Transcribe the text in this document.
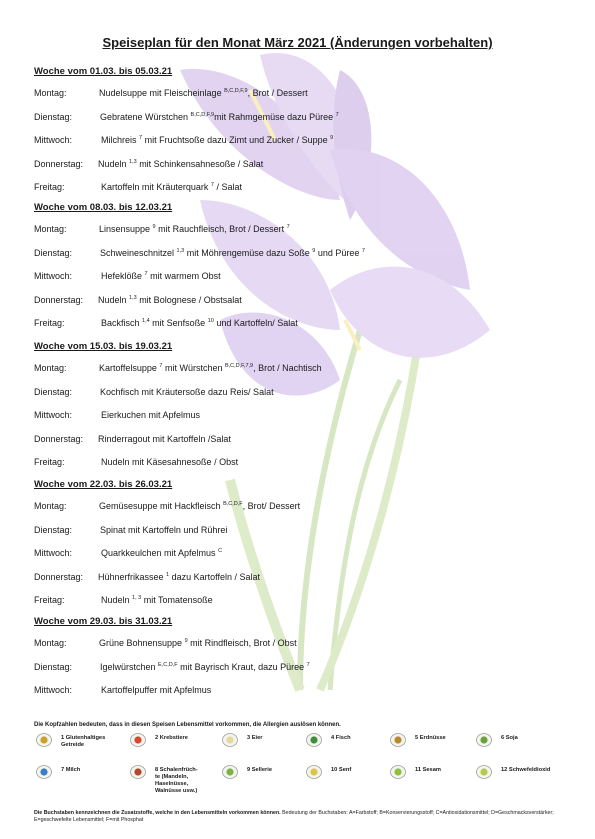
Speiseplan für den Monat März 2021 (Änderungen vorbehalten)
Woche vom 01.03. bis 05.03.21
Montag:	Nudelsuppe mit Fleischeinlage $^{B,C,D,F,9}$, Brot / Dessert
Dienstag:	Gebratene Würstchen $^{B,C,D,F,9}$mit Rahmgemüse dazu Püree $^7$
Mittwoch:	Milchreis $^7$ mit Fruchtsoße dazu Zimt und Zucker / Suppe $^9$
Donnerstag: Nudeln $^{1,3}$ mit Schinkensahnesoße / Salat
Freitag:	Kartoffeln mit Kräuterquark $^7$ / Salat
Woche vom 08.03. bis 12.03.21
Montag:	Linsensuppe $^9$ mit Rauchfleisch, Brot / Dessert $^7$
Dienstag:	Schweineschnitzel $^{1,3}$ mit Möhrengemüse dazu Soße $^9$ und Püree $^7$
Mittwoch:	Hefeklöße $^7$ mit warmem Obst
Donnerstag: Nudeln $^{1,3}$ mit Bolognese / Obstsalat
Freitag:	Backfisch $^{1,4}$ mit Senfsoße $^{10}$ und Kartoffeln/ Salat
Woche vom 15.03. bis 19.03.21
Montag:	Kartoffelsuppe $^7$ mit Würstchen $^{B,C,D,F,7,9}$, Brot / Nachtisch
Dienstag:	Kochfisch mit Kräutersoße dazu Reis/ Salat
Mittwoch:	Eierkuchen mit Apfelmus
Donnerstag: Rinderragout mit Kartoffeln /Salat
Freitag:	Nudeln mit Käsesahnesoße / Obst
Woche vom 22.03. bis 26.03.21
Montag:	Gemüsesuppe mit Hackfleisch $^{B,C,D,F}$, Brot/ Dessert
Dienstag:	Spinat mit Kartoffeln und Rührei
Mittwoch:	Quarkkeulchen mit Apfelmus $^C$
Donnerstag: Hühnerfrikassee $^1$ dazu Kartoffeln / Salat
Freitag:	Nudeln $^{1, 3}$ mit Tomatensoße
Woche vom 29.03. bis 31.03.21
Montag:	Grüne Bohnensuppe $^9$ mit Rindfleisch, Brot / Obst
Dienstag:	Igelwürstchen $^{E,C,D,F}$ mit Bayrisch Kraut, dazu Püree $^7$
Mittwoch:	Kartoffelpuffer mit Apfelmus
Die Kopfzahlen bedeuten, dass in diesen Speisen Lebensmittel vorkommen, die Allergien auslösen können.
1 Glutenhaltiges
Getreide
2 Krebstiere	3 Eier	4 Fisch	5 Erdnüsse	6 Soja
7 Milch	8 Schalenfrüch-
te (Mandeln,
Haselnüsse,
Walnüsse usw.)
9 Sellerie	10 Senf	11 Sesam	12 Schwefeldioxid
Die Buchstaben kennzeichnen die Zusatzstoffe, welche in den Lebensmitteln vorkommen können. Bedeutung der Buchstaben: A=Farbstoff; B=Konservierungsstoff; C=Antioxidationsmittel; D=Geschmacksverstärker; E=geschwefelte Lebensmittel; F=mit Phosphat
